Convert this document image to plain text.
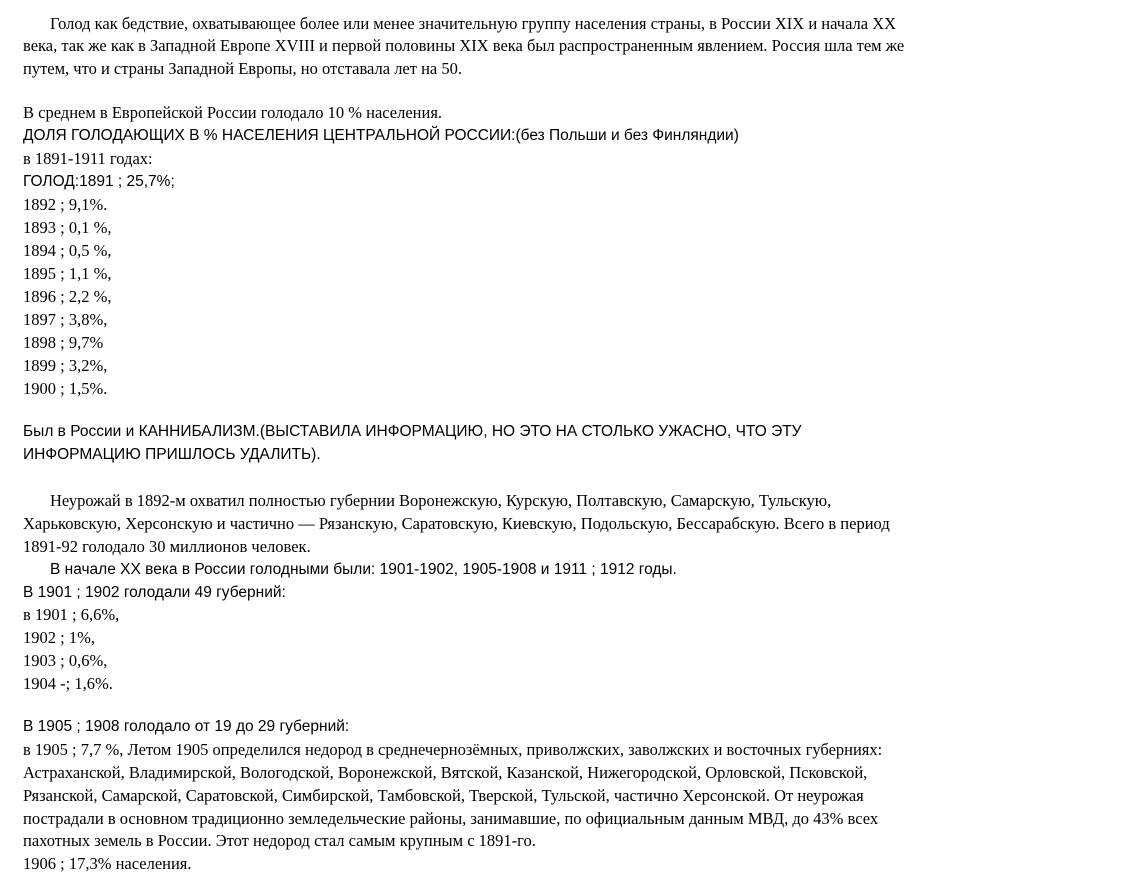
Голод как бедствие, охватывающее более или менее значительную группу населения страны, в России XIX и начала XX
века, так же как в Западной Европе XVIII и первой половины XIX века был распространенным явлением. Россия шла тем же
путем, что и страны Западной Европы, но отставала лет на 50.
В среднем в Европейской России голодало 10 % населения.
ДОЛЯ ГОЛОДАЮЩИХ В % НАСЕЛЕНИЯ ЦЕНТРАЛЬНОЙ РОССИИ:(без Польши и без Финляндии)
в 1891-1911 годах:
ГОЛОД:1891 ; 25,7%;
1892 ; 9,1%.
1893 ; 0,1 %,
1894 ; 0,5 %,
1895 ; 1,1 %,
1896 ; 2,2 %,
1897 ; 3,8%,
1898 ; 9,7%
1899 ; 3,2%,
1900 ; 1,5%.
Был в России и КАННИБАЛИЗМ.(ВЫСТАВИЛА ИНФОРМАЦИЮ, НО ЭТО НА СТОЛЬКО УЖАСНО, ЧТО ЭТУ
ИНФОРМАЦИЮ ПРИШЛОСЬ УДАЛИТЬ).
Неурожай в 1892-м охватил полностью губернии Воронежскую, Курскую, Полтавскую, Самарскую, Тульскую,
Харьковскую, Херсонскую и частично — Рязанскую, Саратовскую, Киевскую, Подольскую, Бессарабскую. Всего в период
1891-92 голодало 30 миллионов человек.
В начале XX века в России голодными были: 1901-1902, 1905-1908 и 1911 ; 1912 годы.
В 1901 ; 1902 голодали 49 губерний:
в 1901 ; 6,6%,
1902 ; 1%,
1903 ; 0,6%,
1904 -; 1,6%.
В 1905 ; 1908 голодало от 19 до 29 губерний:
в 1905 ; 7,7 %, Летом 1905 определился недород в среднечернозёмных, приволжских, заволжских и восточных губерниях:
Астраханской, Владимирской, Вологодской, Воронежской, Вятской, Казанской, Нижегородской, Орловской, Псковской,
Рязанской, Самарской, Саратовской, Симбирской, Тамбовской, Тверской, Тульской, частично Херсонской. От неурожая
пострадали в основном традиционно земледельческие районы, занимавшие, по официальным данным МВД, до 43% всех
пахотных земель в России. Этот недород стал самым крупным с 1891-го.
1906 ; 17,3% населения.
